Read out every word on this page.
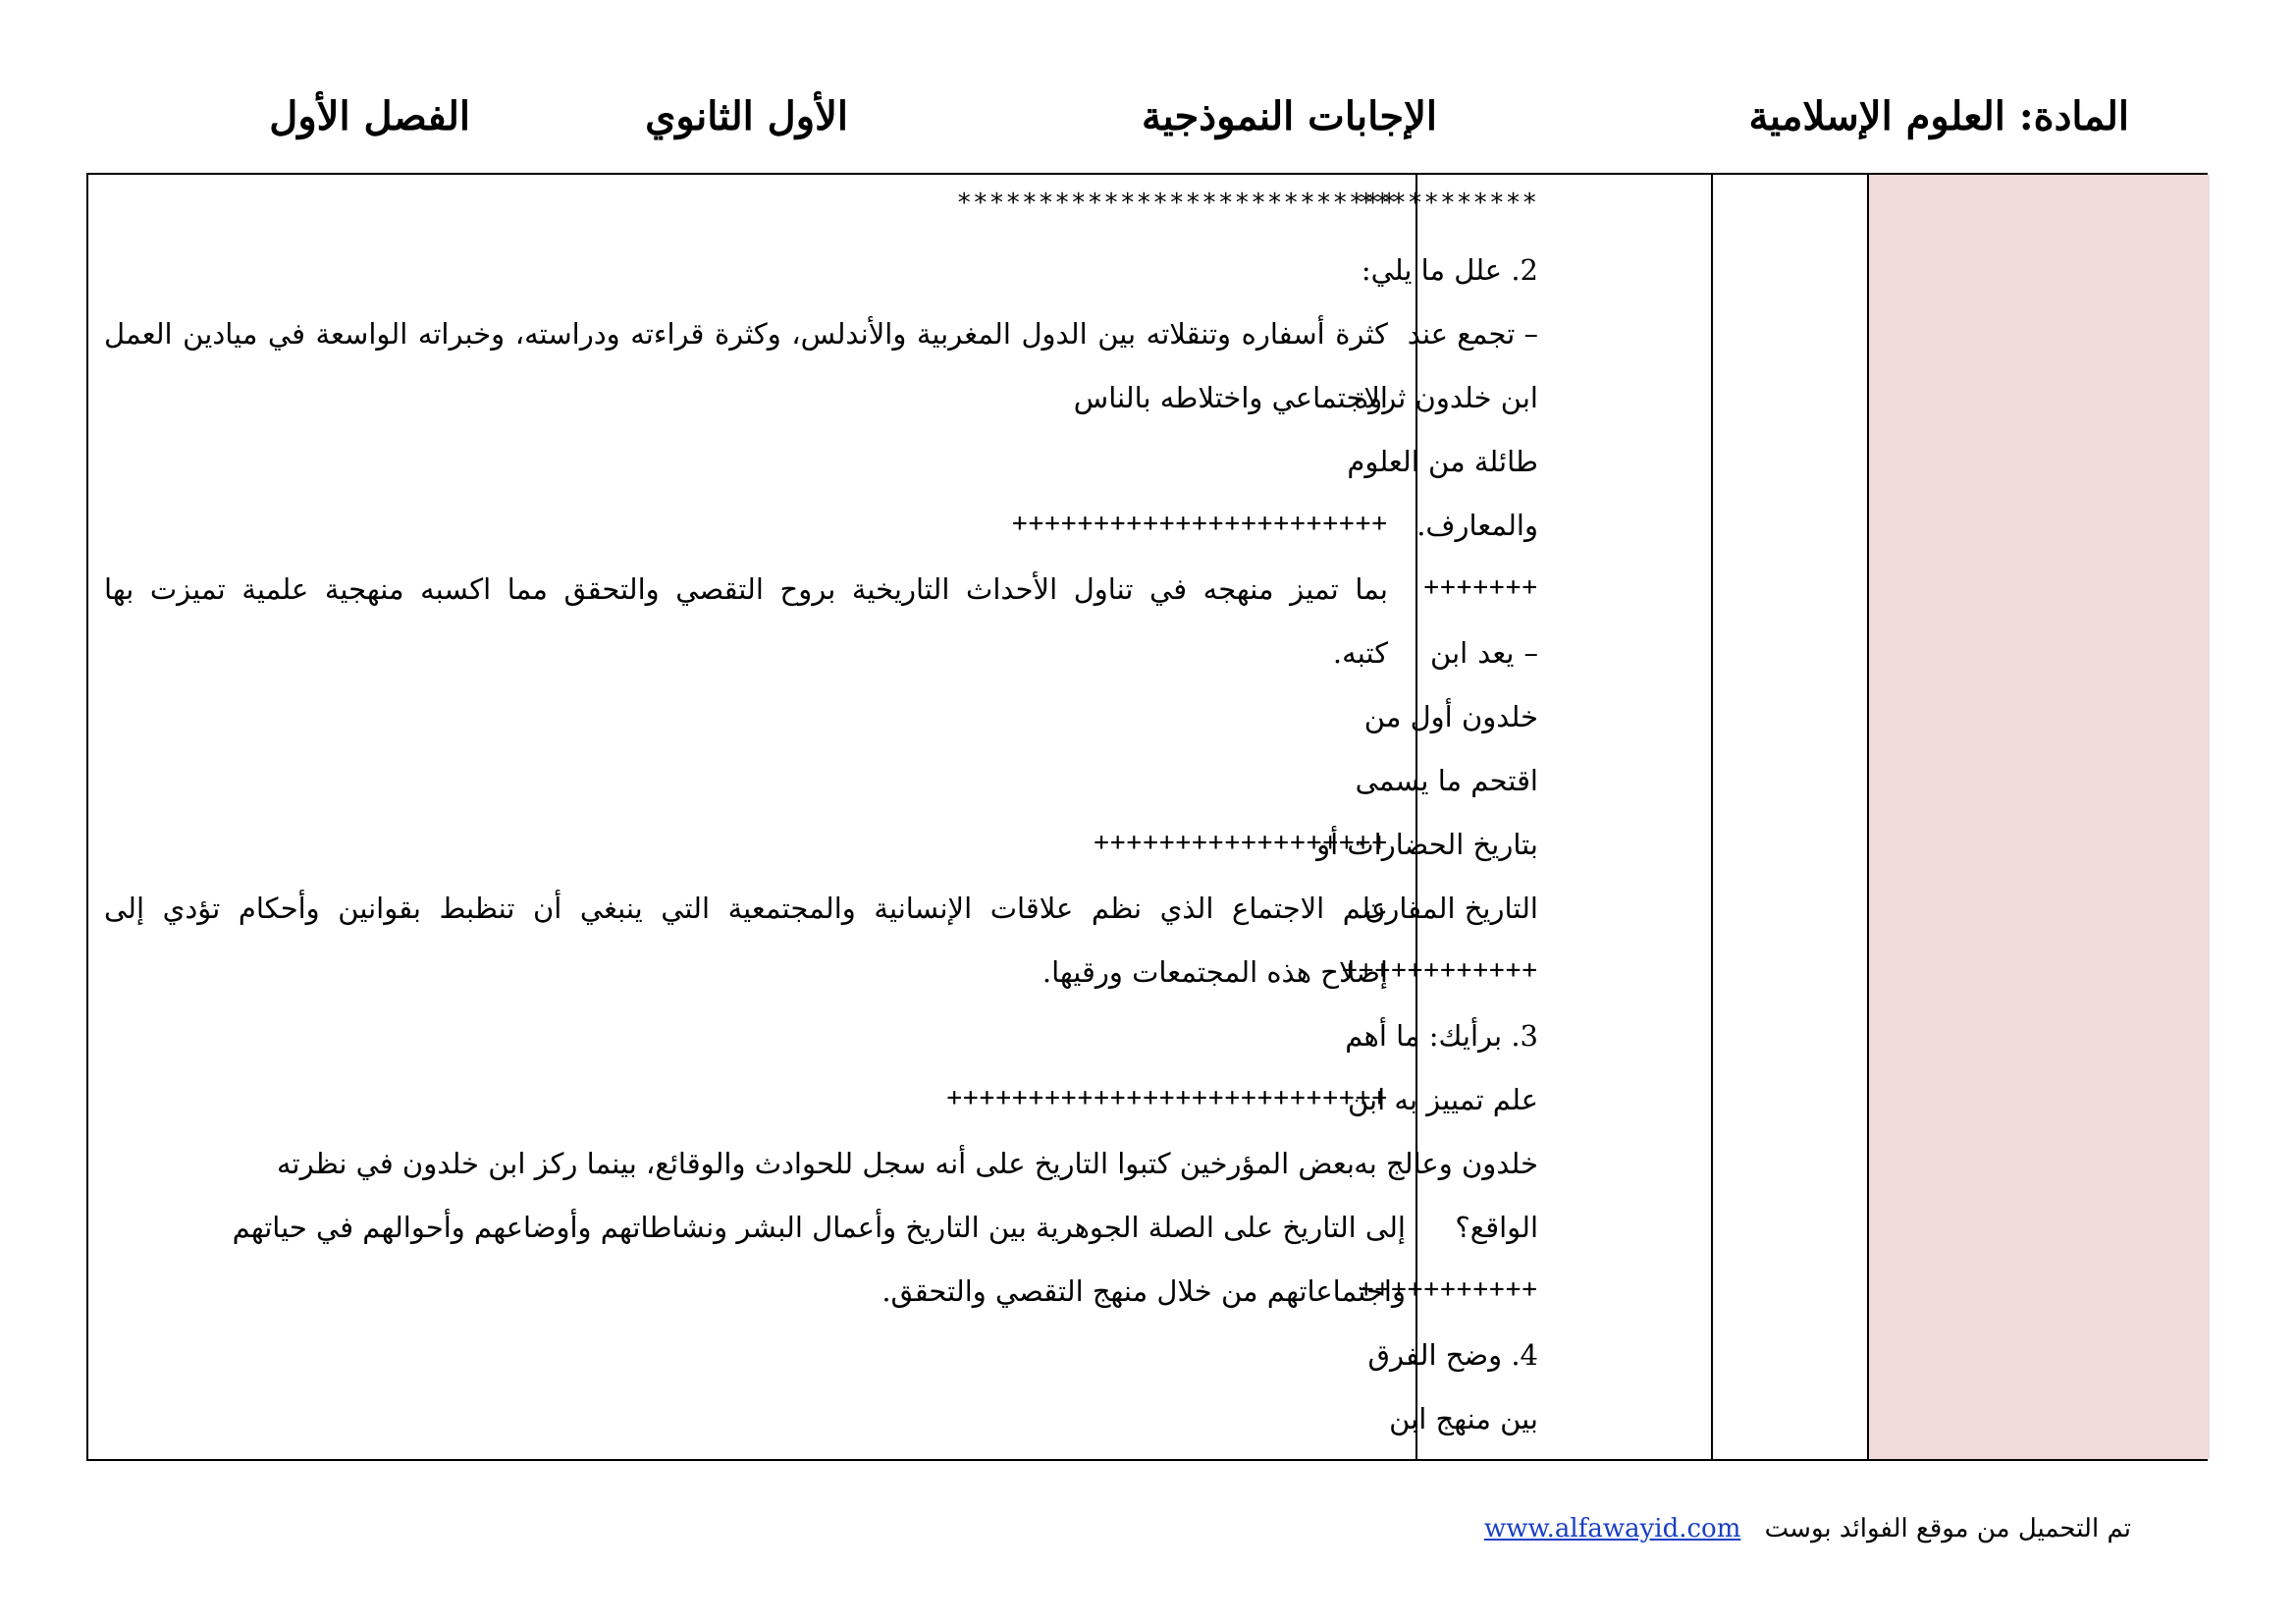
المادة: العلوم الإسلامية
الإجابات النموذجية
الأول الثانوي
الفصل الأول
***********
2. علل ما يلي:
– تجمع عند
ابن خلدون ثروة
طائلة من العلوم
والمعارف.
+++++++
– يعد ابن
خلدون أول من
اقتحم ما يسمى
بتاريخ الحضارات أو
التاريخ المقارن.
++++++++++++
3. برأيك: ما أهم
علم تمييز به ابن
خلدون وعالج به
الواقع؟
+++++++++++
4. وضح الفرق
بين منهج ابن
***************************
كثرة أسفاره وتنقلاته بين الدول المغربية والأندلس، وكثرة قراءته ودراسته، وخبراته الواسعة في ميادين العمل
الاجتماعي واختلاطه بالناس
+++++++++++++++++++++++
بما تميز منهجه في تناول الأحداث التاريخية بروح التقصي والتحقق مما اكسبه منهجية علمية تميزت بها
كتبه.
++++++++++++++++++
علم الاجتماع الذي نظم علاقات الإنسانية والمجتمعية التي ينبغي أن تنظبط بقوانين وأحكام تؤدي إلى
إصلاح هذه المجتمعات ورقيها.
+++++++++++++++++++++++++++
بعض المؤرخين كتبوا التاريخ على أنه سجل للحوادث والوقائع، بينما ركز ابن خلدون في نظرته
إلى التاريخ على الصلة الجوهرية بين التاريخ وأعمال البشر ونشاطاتهم وأوضاعهم وأحوالهم في حياتهم
واجتماعاتهم من خلال منهج التقصي والتحقق.
تم التحميل من موقع الفوائد بوست www.alfawayid.com
